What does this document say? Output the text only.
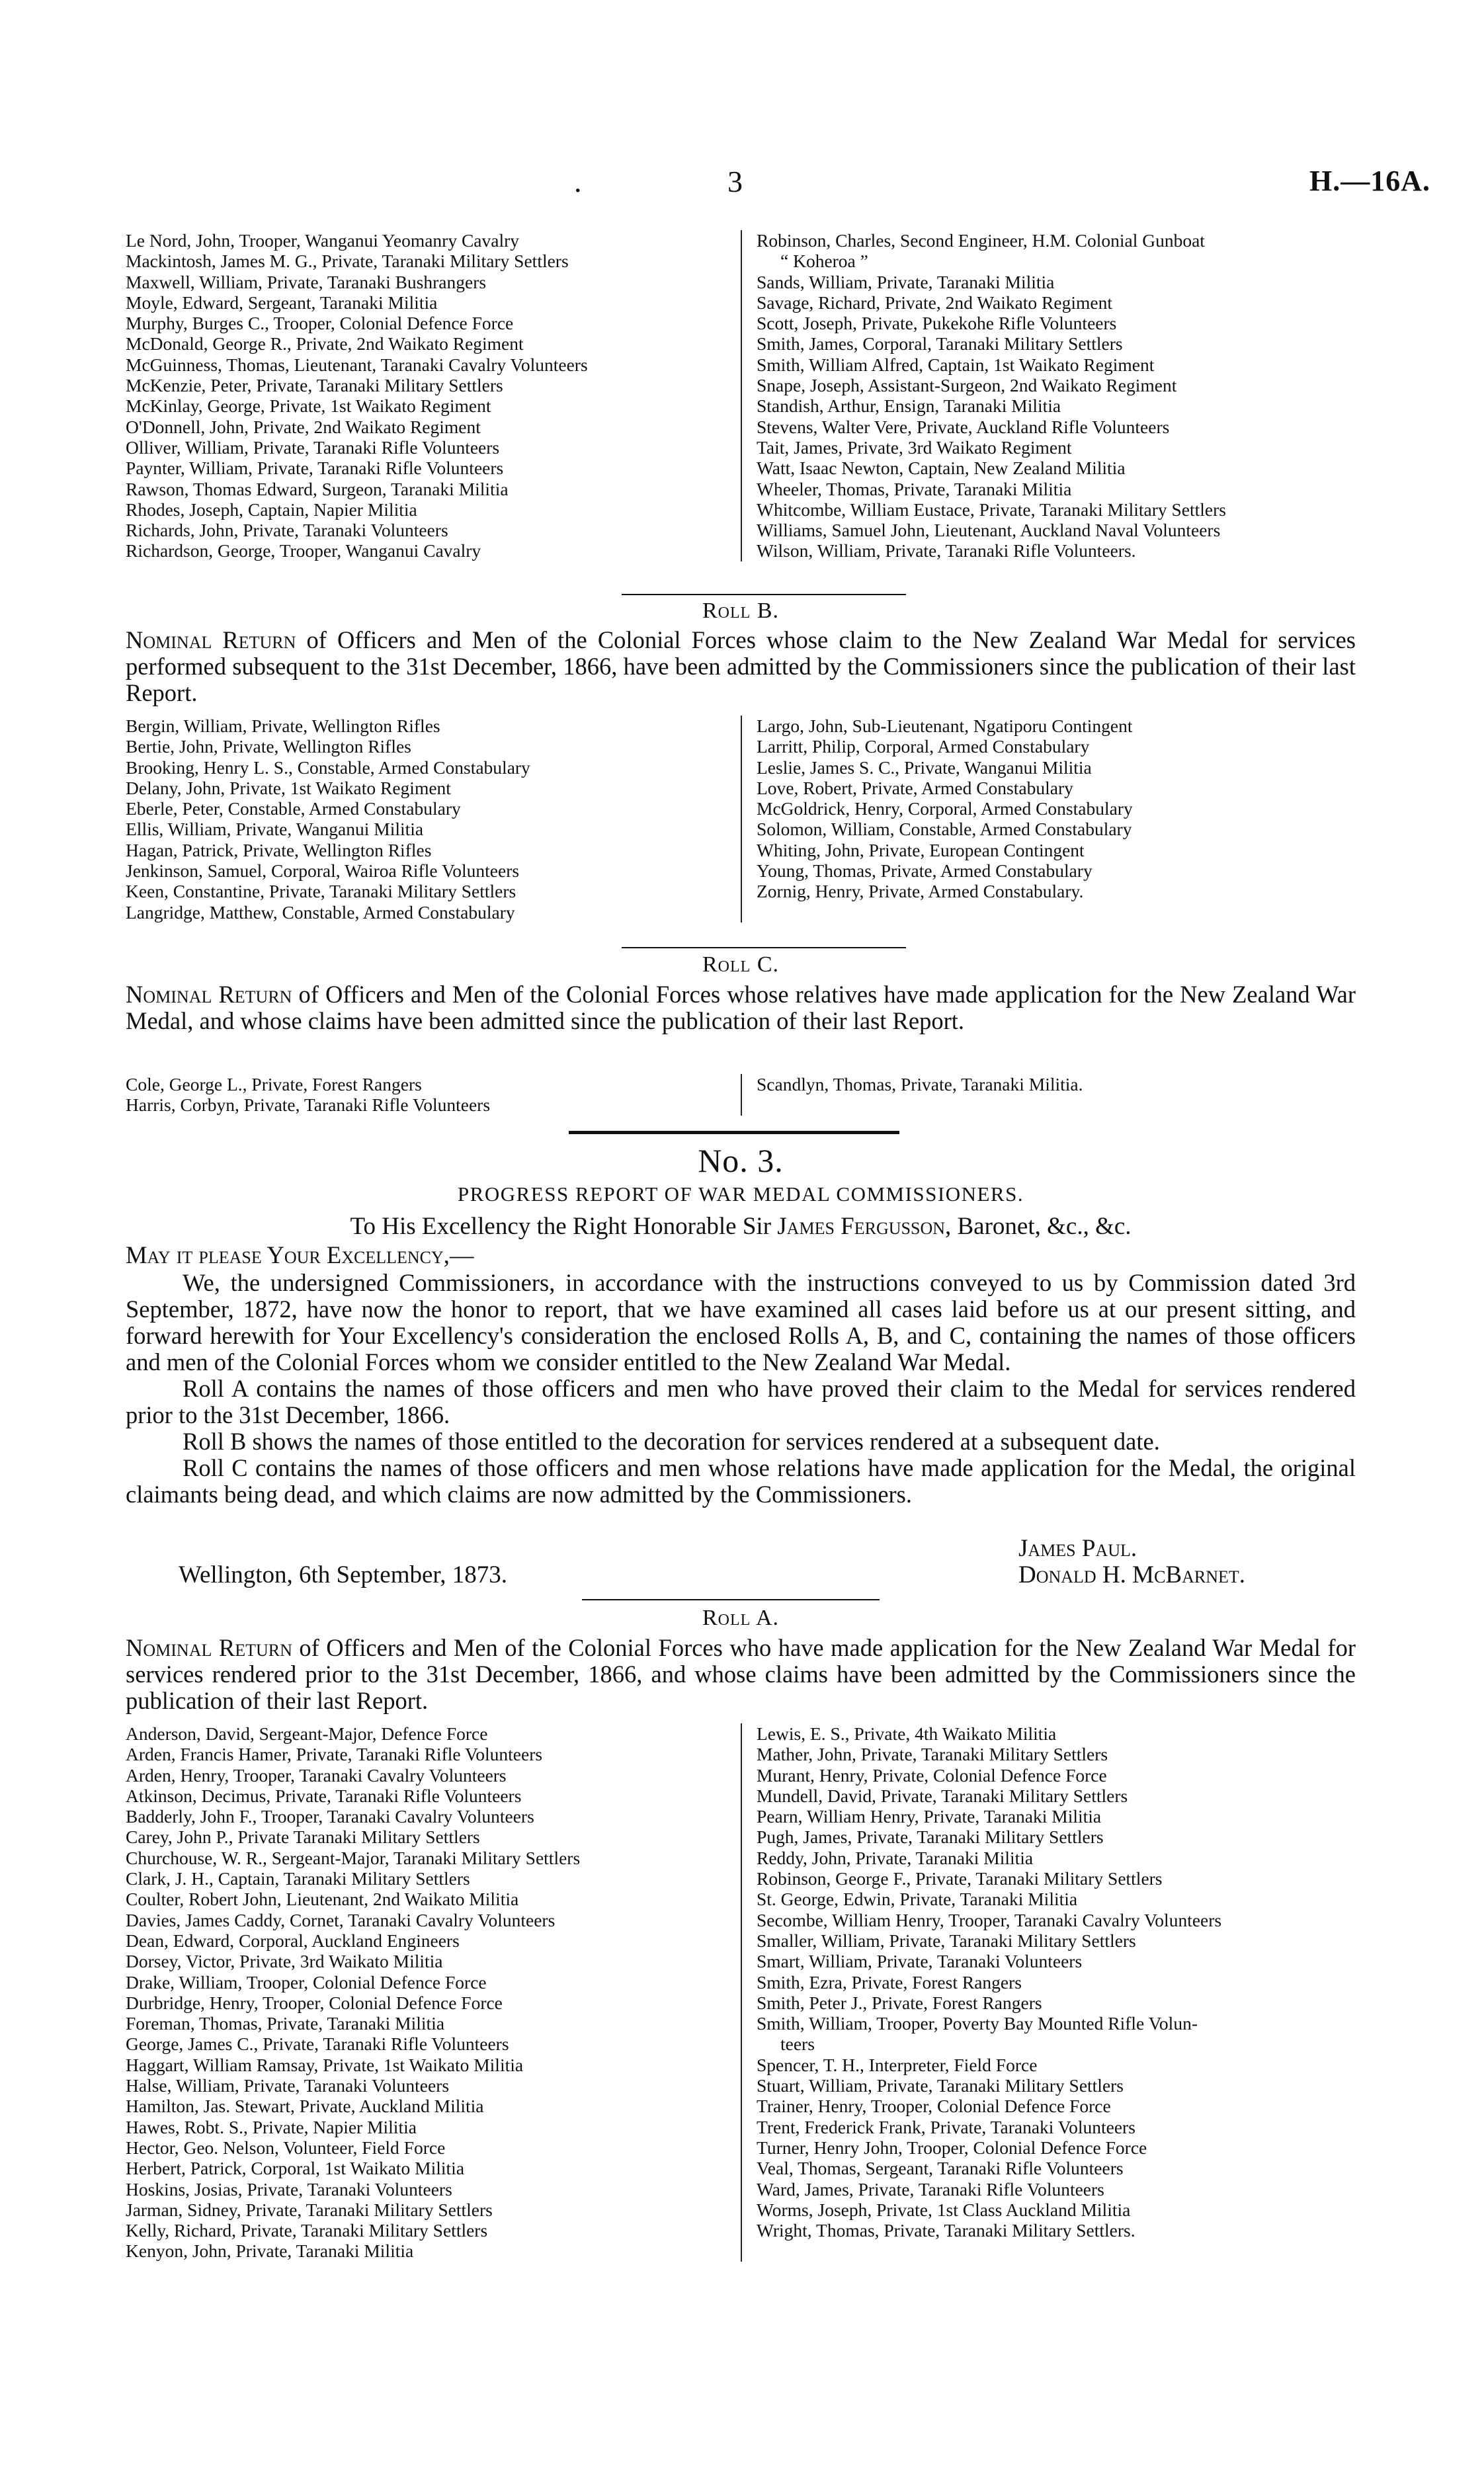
.	3	H.—16A.
Le Nord, John, Trooper, Wanganui Yeomanry Cavalry
Mackintosh, James M. G., Private, Taranaki Military Settlers
Maxwell, William, Private, Taranaki Bushrangers
Moyle, Edward, Sergeant, Taranaki Militia
Murphy, Burges C., Trooper, Colonial Defence Force
McDonald, George R., Private, 2nd Waikato Regiment
McGuinness, Thomas, Lieutenant, Taranaki Cavalry Volunteers
McKenzie, Peter, Private, Taranaki Military Settlers
McKinlay, George, Private, 1st Waikato Regiment
O'Donnell, John, Private, 2nd Waikato Regiment
Olliver, William, Private, Taranaki Rifle Volunteers
Paynter, William, Private, Taranaki Rifle Volunteers
Rawson, Thomas Edward, Surgeon, Taranaki Militia
Rhodes, Joseph, Captain, Napier Militia
Richards, John, Private, Taranaki Volunteers
Richardson, George, Trooper, Wanganui Cavalry
Robinson, Charles, Second Engineer, H.M. Colonial Gunboat
“ Koheroa ”
Sands, William, Private, Taranaki Militia
Savage, Richard, Private, 2nd Waikato Regiment
Scott, Joseph, Private, Pukekohe Rifle Volunteers
Smith, James, Corporal, Taranaki Military Settlers
Smith, William Alfred, Captain, 1st Waikato Regiment
Snape, Joseph, Assistant-Surgeon, 2nd Waikato Regiment
Standish, Arthur, Ensign, Taranaki Militia
Stevens, Walter Vere, Private, Auckland Rifle Volunteers
Tait, James, Private, 3rd Waikato Regiment
Watt, Isaac Newton, Captain, New Zealand Militia
Wheeler, Thomas, Private, Taranaki Militia
Whitcombe, William Eustace, Private, Taranaki Military Settlers
Williams, Samuel John, Lieutenant, Auckland Naval Volunteers
Wilson, William, Private, Taranaki Rifle Volunteers.
Roll B.
Nominal Return of Officers and Men of the Colonial Forces whose claim to the New Zealand War Medal for services performed subsequent to the 31st December, 1866, have been admitted by the Commissioners since the publication of their last Report.
Bergin, William, Private, Wellington Rifles
Bertie, John, Private, Wellington Rifles
Brooking, Henry L. S., Constable, Armed Constabulary
Delany, John, Private, 1st Waikato Regiment
Eberle, Peter, Constable, Armed Constabulary
Ellis, William, Private, Wanganui Militia
Hagan, Patrick, Private, Wellington Rifles
Jenkinson, Samuel, Corporal, Wairoa Rifle Volunteers
Keen, Constantine, Private, Taranaki Military Settlers
Langridge, Matthew, Constable, Armed Constabulary
Largo, John, Sub-Lieutenant, Ngatiporu Contingent
Larritt, Philip, Corporal, Armed Constabulary
Leslie, James S. C., Private, Wanganui Militia
Love, Robert, Private, Armed Constabulary
McGoldrick, Henry, Corporal, Armed Constabulary
Solomon, William, Constable, Armed Constabulary
Whiting, John, Private, European Contingent
Young, Thomas, Private, Armed Constabulary
Zornig, Henry, Private, Armed Constabulary.
Roll C.
Nominal Return of Officers and Men of the Colonial Forces whose relatives have made application for the New Zealand War Medal, and whose claims have been admitted since the publication of their last Report.
Cole, George L., Private, Forest Rangers
Harris, Corbyn, Private, Taranaki Rifle Volunteers
Scandlyn, Thomas, Private, Taranaki Militia.

No. 3.
PROGRESS REPORT OF WAR MEDAL COMMISSIONERS.
To His Excellency the Right Honorable Sir James Fergusson, Baronet, &c., &c.
May it please Your Excellency,—
We, the undersigned Commissioners, in accordance with the instructions conveyed to us by Commission dated 3rd September, 1872, have now the honor to report, that we have examined all cases laid before us at our present sitting, and forward herewith for Your Excellency's consideration the enclosed Rolls A, B, and C, containing the names of those officers and men of the Colonial Forces whom we consider entitled to the New Zealand War Medal.
Roll A contains the names of those officers and men who have proved their claim to the Medal for services rendered prior to the 31st December, 1866.
Roll B shows the names of those entitled to the decoration for services rendered at a subsequent date.
Roll C contains the names of those officers and men whose relations have made application for the Medal, the original claimants being dead, and which claims are now admitted by the Commissioners.
James Paul.
Wellington, 6th September, 1873.	Donald H. McBarnet.
Roll A.
Nominal Return of Officers and Men of the Colonial Forces who have made application for the New Zealand War Medal for services rendered prior to the 31st December, 1866, and whose claims have been admitted by the Commissioners since the publication of their last Report.
Anderson, David, Sergeant-Major, Defence Force
Arden, Francis Hamer, Private, Taranaki Rifle Volunteers
Arden, Henry, Trooper, Taranaki Cavalry Volunteers
Atkinson, Decimus, Private, Taranaki Rifle Volunteers
Badderly, John F., Trooper, Taranaki Cavalry Volunteers
Carey, John P., Private Taranaki Military Settlers
Churchouse, W. R., Sergeant-Major, Taranaki Military Settlers
Clark, J. H., Captain, Taranaki Military Settlers
Coulter, Robert John, Lieutenant, 2nd Waikato Militia
Davies, James Caddy, Cornet, Taranaki Cavalry Volunteers
Dean, Edward, Corporal, Auckland Engineers
Dorsey, Victor, Private, 3rd Waikato Militia
Drake, William, Trooper, Colonial Defence Force
Durbridge, Henry, Trooper, Colonial Defence Force
Foreman, Thomas, Private, Taranaki Militia
George, James C., Private, Taranaki Rifle Volunteers
Haggart, William Ramsay, Private, 1st Waikato Militia
Halse, William, Private, Taranaki Volunteers
Hamilton, Jas. Stewart, Private, Auckland Militia
Hawes, Robt. S., Private, Napier Militia
Hector, Geo. Nelson, Volunteer, Field Force
Herbert, Patrick, Corporal, 1st Waikato Militia
Hoskins, Josias, Private, Taranaki Volunteers
Jarman, Sidney, Private, Taranaki Military Settlers
Kelly, Richard, Private, Taranaki Military Settlers
Kenyon, John, Private, Taranaki Militia
Lewis, E. S., Private, 4th Waikato Militia
Mather, John, Private, Taranaki Military Settlers
Murant, Henry, Private, Colonial Defence Force
Mundell, David, Private, Taranaki Military Settlers
Pearn, William Henry, Private, Taranaki Militia
Pugh, James, Private, Taranaki Military Settlers
Reddy, John, Private, Taranaki Militia
Robinson, George F., Private, Taranaki Military Settlers
St. George, Edwin, Private, Taranaki Militia
Secombe, William Henry, Trooper, Taranaki Cavalry Volunteers
Smaller, William, Private, Taranaki Military Settlers
Smart, William, Private, Taranaki Volunteers
Smith, Ezra, Private, Forest Rangers
Smith, Peter J., Private, Forest Rangers
Smith, William, Trooper, Poverty Bay Mounted Rifle Volun-
teers
Spencer, T. H., Interpreter, Field Force
Stuart, William, Private, Taranaki Military Settlers
Trainer, Henry, Trooper, Colonial Defence Force
Trent, Frederick Frank, Private, Taranaki Volunteers
Turner, Henry John, Trooper, Colonial Defence Force
Veal, Thomas, Sergeant, Taranaki Rifle Volunteers
Ward, James, Private, Taranaki Rifle Volunteers
Worms, Joseph, Private, 1st Class Auckland Militia
Wright, Thomas, Private, Taranaki Military Settlers.
